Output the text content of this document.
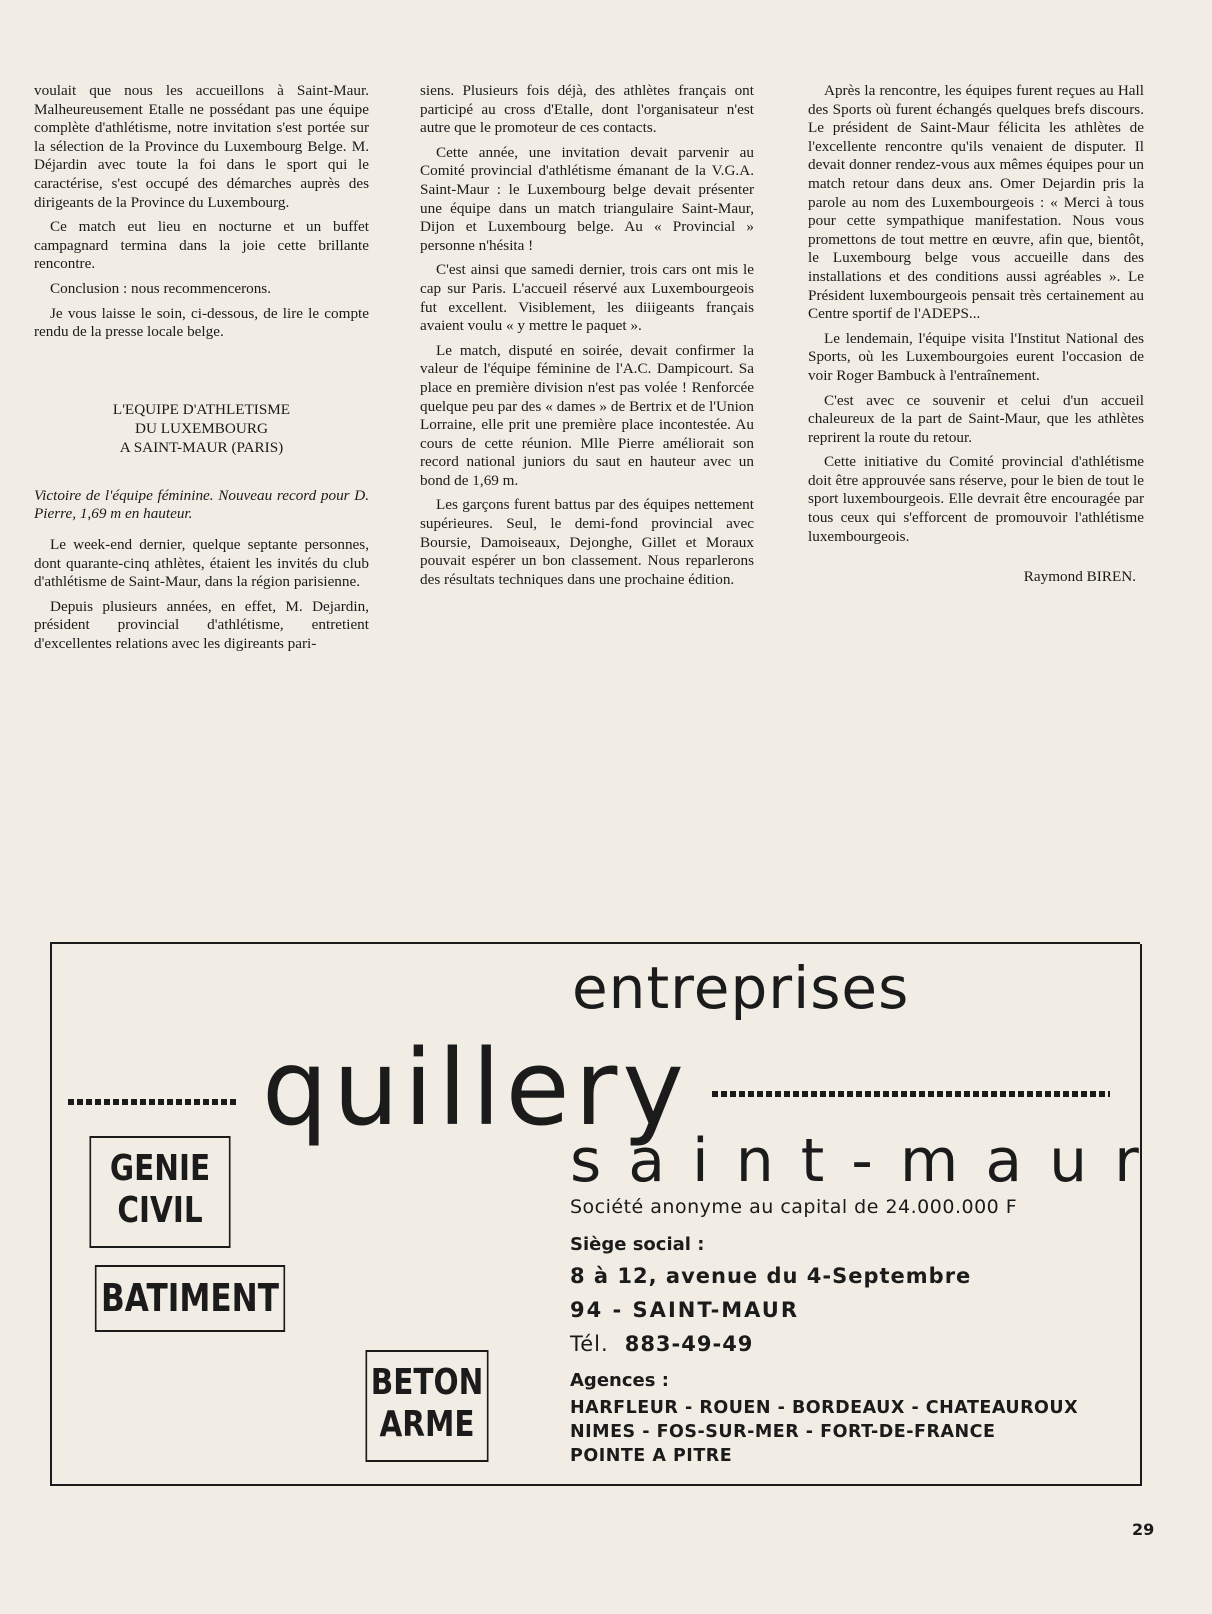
voulait que nous les accueillons à Saint-Maur. Malheureusement Etalle ne possédant pas une équipe complète d'athlétisme, notre invitation s'est portée sur la sélection de la Province du Luxembourg Belge. M. Déjardin avec toute la foi dans le sport qui le caractérise, s'est occupé des démarches auprès des dirigeants de la Province du Luxembourg.

Ce match eut lieu en nocturne et un buffet campagnard termina dans la joie cette brillante rencontre.

Conclusion : nous recommencerons.

Je vous laisse le soin, ci-dessous, de lire le compte rendu de la presse locale belge.

L'EQUIPE D'ATHLETISME
DU LUXEMBOURG
A SAINT-MAUR (PARIS)

Victoire de l'équipe féminine. Nouveau record pour D. Pierre, 1,69 m en hauteur.

Le week-end dernier, quelque septante personnes, dont quarante-cinq athlètes, étaient les invités du club d'athlétisme de Saint-Maur, dans la région parisienne.

Depuis plusieurs années, en effet, M. Dejardin, président provincial d'athlétisme, entretient d'excellentes relations avec les digireants pari-

siens. Plusieurs fois déjà, des athlètes français ont participé au cross d'Etalle, dont l'organisateur n'est autre que le promoteur de ces contacts.

Cette année, une invitation devait parvenir au Comité provincial d'athlétisme émanant de la V.G.A. Saint-Maur : le Luxembourg belge devait présenter une équipe dans un match triangulaire Saint-Maur, Dijon et Luxembourg belge. Au « Provincial » personne n'hésita !

C'est ainsi que samedi dernier, trois cars ont mis le cap sur Paris. L'accueil réservé aux Luxembourgeois fut excellent. Visiblement, les diiigeants français avaient voulu « y mettre le paquet ».

Le match, disputé en soirée, devait confirmer la valeur de l'équipe féminine de l'A.C. Dampicourt. Sa place en première division n'est pas volée ! Renforcée quelque peu par des « dames » de Bertrix et de l'Union Lorraine, elle prit une première place incontestée. Au cours de cette réunion. Mlle Pierre améliorait son record national juniors du saut en hauteur avec un bond de 1,69 m.

Les garçons furent battus par des équipes nettement supérieures. Seul, le demi-fond provincial avec Boursie, Damoiseaux, Dejonghe, Gillet et Moraux pouvait espérer un bon classement. Nous reparlerons des résultats techniques dans une prochaine édition.

Après la rencontre, les équipes furent reçues au Hall des Sports où furent échangés quelques brefs discours. Le président de Saint-Maur félicita les athlètes de l'excellente rencontre qu'ils venaient de disputer. Il devait donner rendez-vous aux mêmes équipes pour un match retour dans deux ans. Omer Dejardin pris la parole au nom des Luxembourgeois : « Merci à tous pour cette sympathique manifestation. Nous vous promettons de tout mettre en œuvre, afin que, bientôt, le Luxembourg belge vous accueille dans des installations et des conditions aussi agréables ». Le Président luxembourgeois pensait très certainement au Centre sportif de l'ADEPS...

Le lendemain, l'équipe visita l'Institut National des Sports, où les Luxembourgoies eurent l'occasion de voir Roger Bambuck à l'entraînement.

C'est avec ce souvenir et celui d'un accueil chaleureux de la part de Saint-Maur, que les athlètes reprirent la route du retour.

Cette initiative du Comité provincial d'athlétisme doit être approuvée sans réserve, pour le bien de tout le sport luxembourgeois. Elle devrait être encouragée par tous ceux qui s'efforcent de promouvoir l'athlétisme luxembourgeois.

Raymond BIREN.

entreprises
quillery
saint-maur
GENIE
CIVIL
BATIMENT
BETON
ARME
Société anonyme au capital de 24.000.000 F
Siège social :
8 à 12, avenue du 4-Septembre
94 - SAINT-MAUR
Tél. 883-49-49
Agences :
HARFLEUR - ROUEN - BORDEAUX - CHATEAUROUX
NIMES - FOS-SUR-MER - FORT-DE-FRANCE
POINTE A PITRE
29
